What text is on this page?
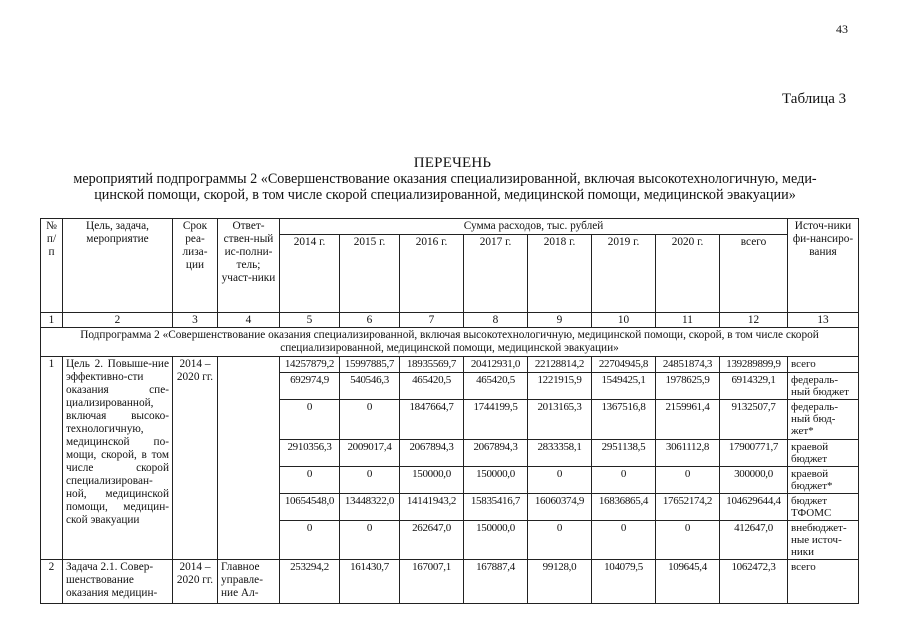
43
Таблица 3
ПЕРЕЧЕНЬ
мероприятий подпрограммы 2 «Совершенствование оказания специализированной, включая высокотехнологичную, меди-
цинской помощи, скорой, в том числе скорой специализированной, медицинской помощи, медицинской эвакуации»
№ п/п	Цель, задача, мероприятие	Срок реа-лиза-ции	Ответ-ствен-ный ис-полни-тель; участ-ники	Сумма расходов, тыс. рублей								Источ-ники фи-нансиро-вания
				2014 г.	2015 г.	2016 г.	2017 г.	2018 г.	2019 г.	2020 г.	всего	
1	2	3	4	5	6	7	8	9	10	11	12	13
Подпрограмма 2 «Совершенствование оказания специализированной, включая высокотехнологичную, медицинской помощи, скорой, в том числе скорой специализированной, медицинской помощи, медицинской эвакуации»												
1	Цель 2. Повыше-ние эффективно-сти оказания спе-циализированной, включая высоко-технологичную, медицинской по-мощи, скорой, в том числе скорой специализирован-ной, медицинской помощи, медицин-ской эвакуации	2014 – 2020 гг.		14257879,2	15997885,7	18935569,7	20412931,0	22128814,2	22704945,8	24851874,3	139289899,9	всего
				692974,9	540546,3	465420,5	465420,5	1221915,9	1549425,1	1978625,9	6914329,1	федераль-ный бюджет
				0	0	1847664,7	1744199,5	2013165,3	1367516,8	2159961,4	9132507,7	федераль-ный бюд-жет*
				2910356,3	2009017,4	2067894,3	2067894,3	2833358,1	2951138,5	3061112,8	17900771,7	краевой бюджет
				0	0	150000,0	150000,0	0	0	0	300000,0	краевой бюджет*
				10654548,0	13448322,0	14141943,2	15835416,7	16060374,9	16836865,4	17652174,2	104629644,4	бюджет ТФОМС
				0	0	262647,0	150000,0	0	0	0	412647,0	внебюджет-ные источ-ники
2	Задача 2.1. Совер-шенствование оказания медицин-	2014 – 2020 гг.	Главное управле-ние Ал-	253294,2	161430,7	167007,1	167887,4	99128,0	104079,5	109645,4	1062472,3	всего
